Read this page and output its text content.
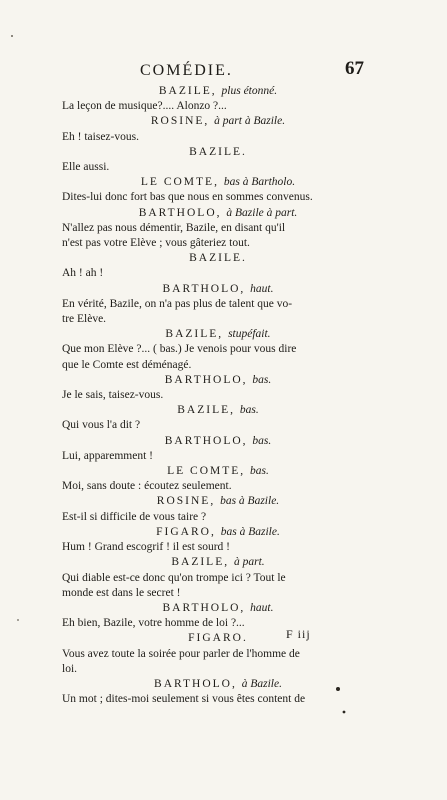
COMÉDIE.	67
BAZILE, plus étonné.
La leçon de musique?.... Alonzo ?...
ROSINE, à part à Bazile.
Eh ! taisez-vous.
BAZILE.
Elle aussi.
LE COMTE, bas à Bartholo.
Dites-lui donc fort bas que nous en sommes convenus.
BARTHOLO, à Bazile à part.
N'allez pas nous démentir, Bazile, en disant qu'il
n'est pas votre Elève ; vous gâteriez tout.
BAZILE.
Ah ! ah !
BARTHOLO, haut.
En vérité, Bazile, on n'a pas plus de talent que vo-
tre Elève.
BAZILE, stupéfait.
Que mon Elève ?... ( bas.) Je venois pour vous dire
que le Comte est déménagé.
BARTHOLO, bas.
Je le sais, taisez-vous.
BAZILE, bas.
Qui vous l'a dit ?
BARTHOLO, bas.
Lui, apparemment !
LE COMTE, bas.
Moi, sans doute : écoutez seulement.
ROSINE, bas à Bazile.
Est-il si difficile de vous taire ?
FIGARO, bas à Bazile.
Hum ! Grand escogrif ! il est sourd !
BAZILE, à part.
Qui diable est-ce donc qu'on trompe ici ? Tout le
monde est dans le secret !
BARTHOLO, haut.
Eh bien, Bazile, votre homme de loi ?...
FIGARO.
Vous avez toute la soirée pour parler de l'homme de
loi.
BARTHOLO, à Bazile.
Un mot ; dites-moi seulement si vous êtes content de
F iij
